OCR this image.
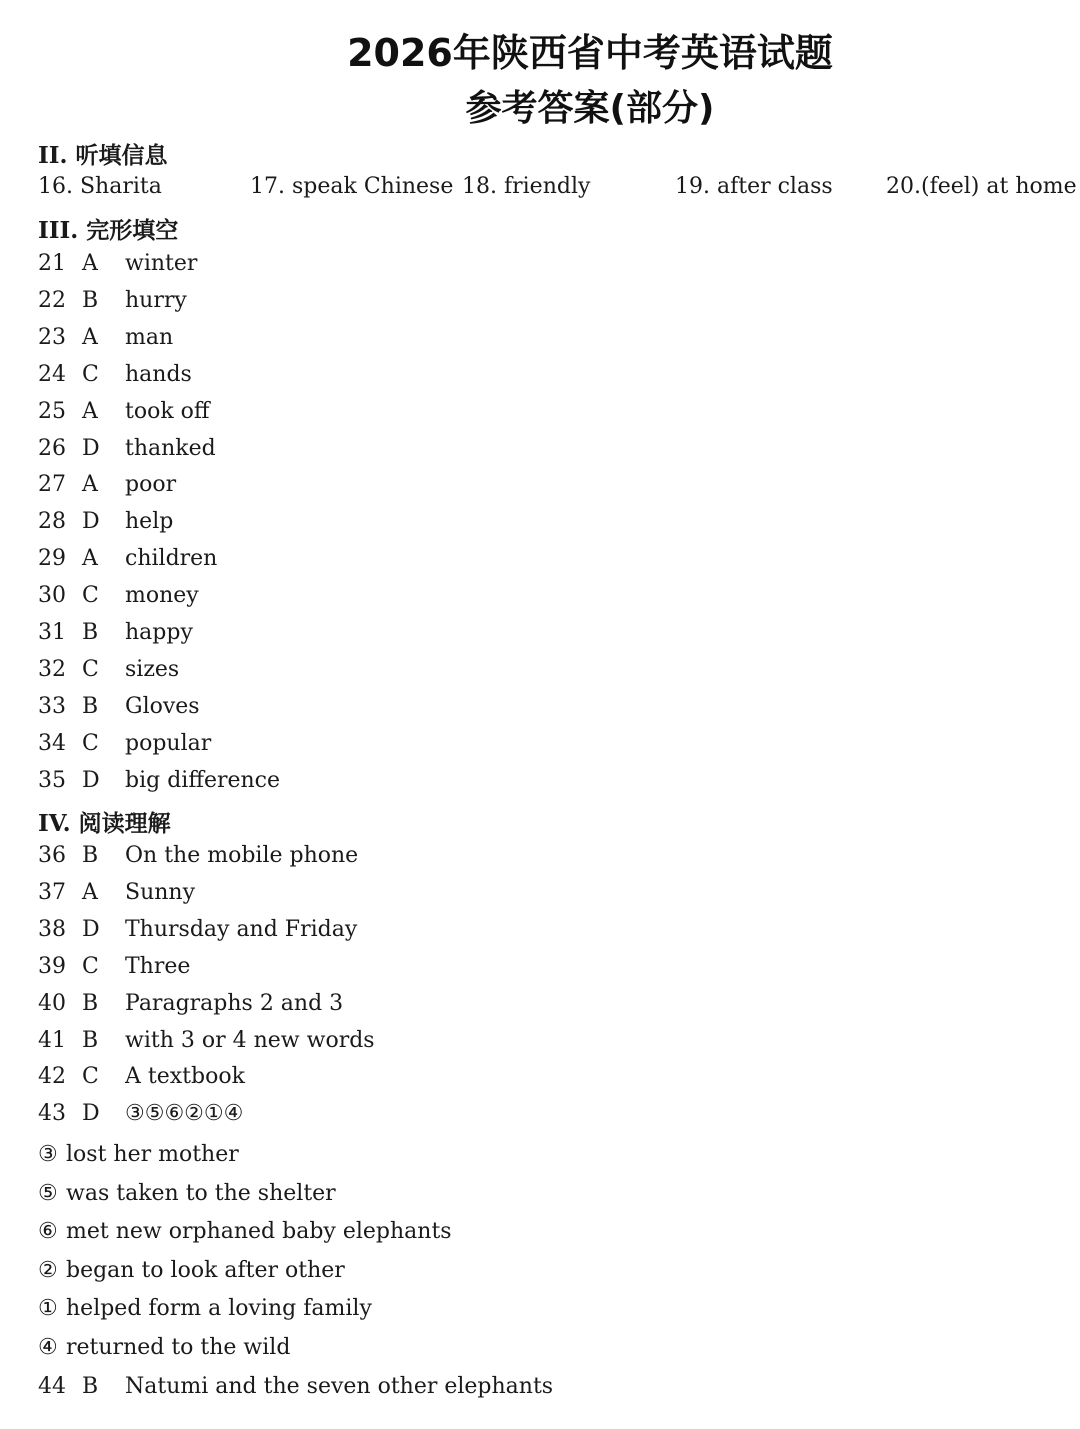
2026年陕西省中考英语试题
参考答案(部分)
II. 听填信息
16. Sharita	17. speak Chinese 18. friendly	19. after class 20.(feel) at home
III. 完形填空
21 A	winter
22 B	hurry
23 A	man
24 C	hands
25 A	took off
26 D thanked
27 A	poor
28 D help
29 A	children
30 C	money
31 B	happy
32 C	sizes
33 B	Gloves
34 C	popular
35 D big difference
IV. 阅读理解
36 B	On the mobile phone
37 A	Sunny
38 D Thursday and Friday
39 C	Three
40 B	Paragraphs 2 and 3
41 B	with 3 or 4 new words
42 C	A textbook
43 D ③⑤⑥②①④
③ lost her mother
⑤ was taken to the shelter
⑥ met new orphaned baby elephants
② began to look after other
① helped form a loving family
④ returned to the wild
44 B	Natumi and the seven other elephants
